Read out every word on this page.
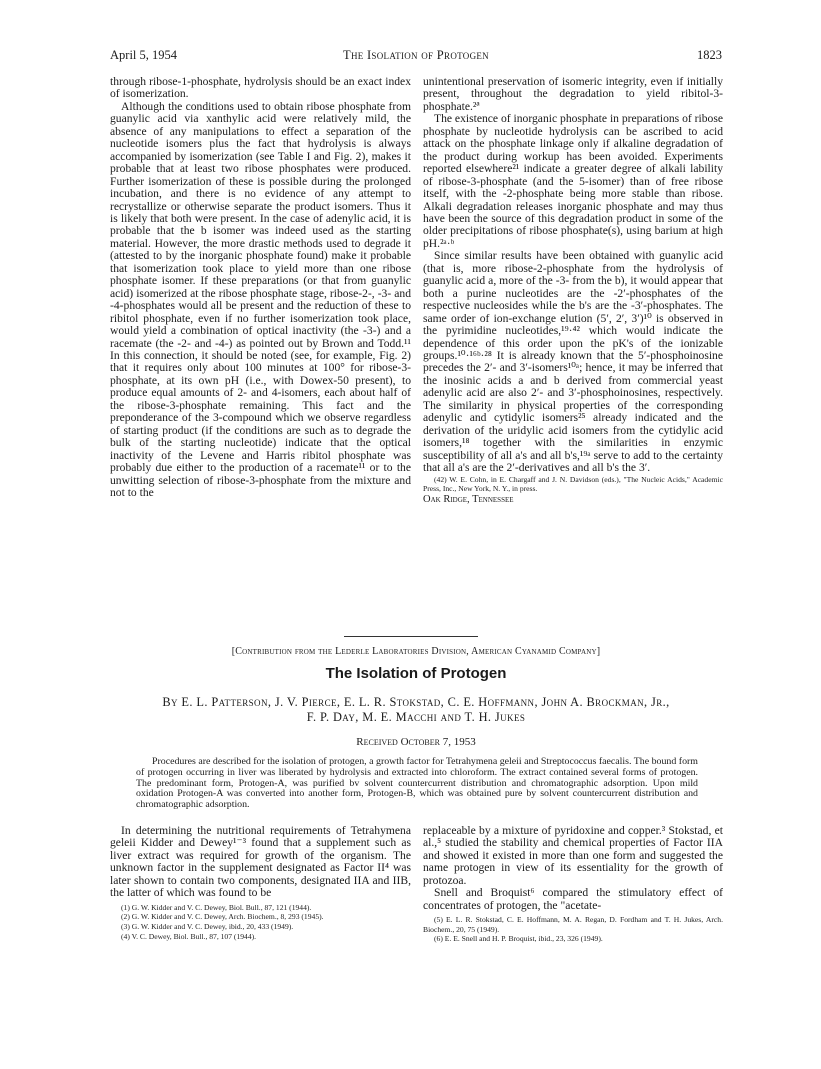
April 5, 1954	The Isolation of Protogen	1823

through ribose-1-phosphate, hydrolysis should be an exact index of isomerization.

Although the conditions used to obtain ribose phosphate from guanylic acid via xanthylic acid were relatively mild, the absence of any manipulations to effect a separation of the nucleotide isomers plus the fact that hydrolysis is always accompanied by isomerization (see Table I and Fig. 2), makes it probable that at least two ribose phosphates were produced. Further isomerization of these is possible during the prolonged incubation, and there is no evidence of any attempt to recrystallize or otherwise separate the product isomers. Thus it is likely that both were present. In the case of adenylic acid, it is probable that the b isomer was indeed used as the starting material. However, the more drastic methods used to degrade it (attested to by the inorganic phosphate found) make it probable that isomerization took place to yield more than one ribose phosphate isomer. If these preparations (or that from guanylic acid) isomerized at the ribose phosphate stage, ribose-2-, -3- and -4-phosphates would all be present and the reduction of these to ribitol phosphate, even if no further isomerization took place, would yield a combination of optical inactivity (the -3-) and a racemate (the -2- and -4-) as pointed out by Brown and Todd.¹¹ In this connection, it should be noted (see, for example, Fig. 2) that it requires only about 100 minutes at 100° for ribose-3-phosphate, at its own pH (i.e., with Dowex-50 present), to produce equal amounts of 2- and 4-isomers, each about half of the ribose-3-phosphate remaining. This fact and the preponderance of the 3-compound which we observe regardless of starting product (if the conditions are such as to degrade the bulk of the starting nucleotide) indicate that the optical inactivity of the Levene and Harris ribitol phosphate was probably due either to the production of a racemate¹¹ or to the unwitting selection of ribose-3-phosphate from the mixture and not to the

unintentional preservation of isomeric integrity, even if initially present, throughout the degradation to yield ribitol-3-phosphate.²ª

The existence of inorganic phosphate in preparations of ribose phosphate by nucleotide hydrolysis can be ascribed to acid attack on the phosphate linkage only if alkaline degradation of the product during workup has been avoided. Experiments reported elsewhere²¹ indicate a greater degree of alkali lability of ribose-3-phosphate (and the 5-isomer) than of free ribose itself, with the -2-phosphate being more stable than ribose. Alkali degradation releases inorganic phosphate and may thus have been the source of this degradation product in some of the older precipitations of ribose phosphate(s), using barium at high pH.²ᵃ·ᵇ

Since similar results have been obtained with guanylic acid (that is, more ribose-2-phosphate from the hydrolysis of guanylic acid a, more of the -3- from the b), it would appear that both a purine nucleotides are the -2′-phosphates of the respective nucleosides while the b's are the -3′-phosphates. The same order of ion-exchange elution (5′, 2′, 3′)¹⁰ is observed in the pyrimidine nucleotides,¹⁹·⁴² which would indicate the dependence of this order upon the pK's of the ionizable groups.¹⁰·¹⁶ᵇ·²⁸ It is already known that the 5′-phosphoinosine precedes the 2′- and 3′-isomers¹⁰ᵃ; hence, it may be inferred that the inosinic acids a and b derived from commercial yeast adenylic acid are also 2′- and 3′-phosphoinosines, respectively. The similarity in physical properties of the corresponding adenylic and cytidylic isomers²⁵ already indicated and the derivation of the uridylic acid isomers from the cytidylic acid isomers,¹⁸ together with the similarities in enzymic susceptibility of all a's and all b's,¹⁹ᵃ serve to add to the certainty that all a's are the 2′-derivatives and all b's the 3′.

(42) W. E. Cohn, in E. Chargaff and J. N. Davidson (eds.), "The Nucleic Acids," Academic Press, Inc., New York, N. Y., in press.

Oak Ridge, Tennessee

[Contribution from the Lederle Laboratories Division, American Cyanamid Company]
The Isolation of Protogen
By E. L. Patterson, J. V. Pierce, E. L. R. Stokstad, C. E. Hoffmann, John A. Brockman, Jr.,
F. P. Day, M. E. Macchi and T. H. Jukes
Received October 7, 1953
Procedures are described for the isolation of protogen, a growth factor for Tetrahymena geleii and Streptococcus faecalis. The bound form of protogen occurring in liver was liberated by hydrolysis and extracted into chloroform. The extract contained several forms of protogen. The predominant form, Protogen-A, was purified bv solvent countercurrent distribution and chromatographic adsorption. Upon mild oxidation Protogen-A was converted into another form, Protogen-B, which was obtained pure by solvent countercurrent distribution and chromatographic adsorption.

In determining the nutritional requirements of Tetrahymena geleii Kidder and Dewey¹⁻³ found that a supplement such as liver extract was required for growth of the organism. The unknown factor in the supplement designated as Factor II⁴ was later shown to contain two components, designated IIA and IIB, the latter of which was found to be

(1) G. W. Kidder and V. C. Dewey, Biol. Bull., 87, 121 (1944).
(2) G. W. Kidder and V. C. Dewey, Arch. Biochem., 8, 293 (1945).
(3) G. W. Kidder and V. C. Dewey, ibid., 20, 433 (1949).
(4) V. C. Dewey, Biol. Bull., 87, 107 (1944).

replaceable by a mixture of pyridoxine and copper.³ Stokstad, et al.,⁵ studied the stability and chemical properties of Factor IIA and showed it existed in more than one form and suggested the name protogen in view of its essentiality for the growth of protozoa.

Snell and Broquist⁶ compared the stimulatory effect of concentrates of protogen, the "acetate-

(5) E. L. R. Stokstad, C. E. Hoffmann, M. A. Regan, D. Fordham and T. H. Jukes, Arch. Biochem., 20, 75 (1949).
(6) E. E. Snell and H. P. Broquist, ibid., 23, 326 (1949).
